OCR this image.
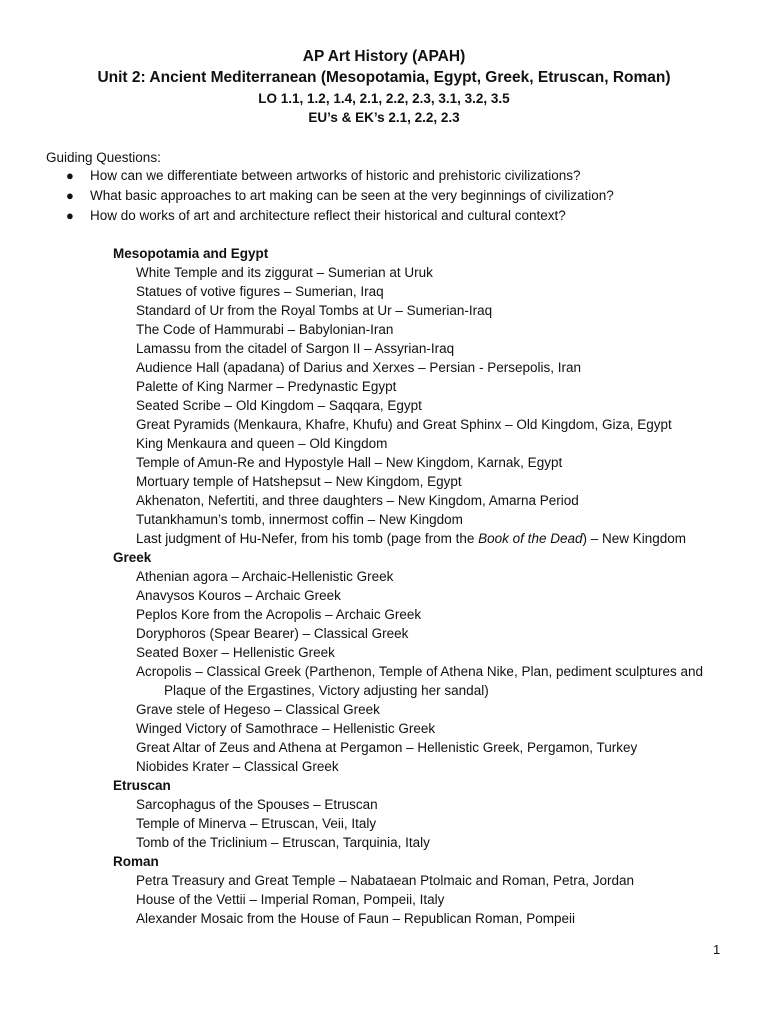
AP Art History (APAH)
Unit 2: Ancient Mediterranean (Mesopotamia, Egypt, Greek, Etruscan, Roman)
LO 1.1, 1.2, 1.4, 2.1, 2.2, 2.3, 3.1, 3.2, 3.5
EU’s & EK’s 2.1, 2.2, 2.3
Guiding Questions:
● How can we differentiate between artworks of historic and prehistoric civilizations?
● What basic approaches to art making can be seen at the very beginnings of civilization?
● How do works of art and architecture reflect their historical and cultural context?
Mesopotamia and Egypt
White Temple and its ziggurat – Sumerian at Uruk
Statues of votive figures – Sumerian, Iraq
Standard of Ur from the Royal Tombs at Ur – Sumerian-Iraq
The Code of Hammurabi – Babylonian-Iran
Lamassu from the citadel of Sargon II – Assyrian-Iraq
Audience Hall (apadana) of Darius and Xerxes – Persian - Persepolis, Iran
Palette of King Narmer – Predynastic Egypt
Seated Scribe – Old Kingdom – Saqqara, Egypt
Great Pyramids (Menkaura, Khafre, Khufu) and Great Sphinx – Old Kingdom, Giza, Egypt
King Menkaura and queen – Old Kingdom
Temple of Amun-Re and Hypostyle Hall – New Kingdom, Karnak, Egypt
Mortuary temple of Hatshepsut – New Kingdom, Egypt
Akhenaton, Nefertiti, and three daughters – New Kingdom, Amarna Period
Tutankhamun’s tomb, innermost coffin – New Kingdom
Last judgment of Hu-Nefer, from his tomb (page from the Book of the Dead) – New Kingdom
Greek
Athenian agora – Archaic-Hellenistic Greek
Anavysos Kouros – Archaic Greek
Peplos Kore from the Acropolis – Archaic Greek
Doryphoros (Spear Bearer) – Classical Greek
Seated Boxer – Hellenistic Greek
Acropolis – Classical Greek (Parthenon, Temple of Athena Nike, Plan, pediment sculptures and Plaque of the Ergastines, Victory adjusting her sandal)
Grave stele of Hegeso – Classical Greek
Winged Victory of Samothrace – Hellenistic Greek
Great Altar of Zeus and Athena at Pergamon – Hellenistic Greek, Pergamon, Turkey
Niobides Krater – Classical Greek
Etruscan
Sarcophagus of the Spouses – Etruscan
Temple of Minerva – Etruscan, Veii, Italy
Tomb of the Triclinium – Etruscan, Tarquinia, Italy
Roman
Petra Treasury and Great Temple – Nabataean Ptolmaic and Roman, Petra, Jordan
House of the Vettii – Imperial Roman, Pompeii, Italy
Alexander Mosaic from the House of Faun – Republican Roman, Pompeii
1
